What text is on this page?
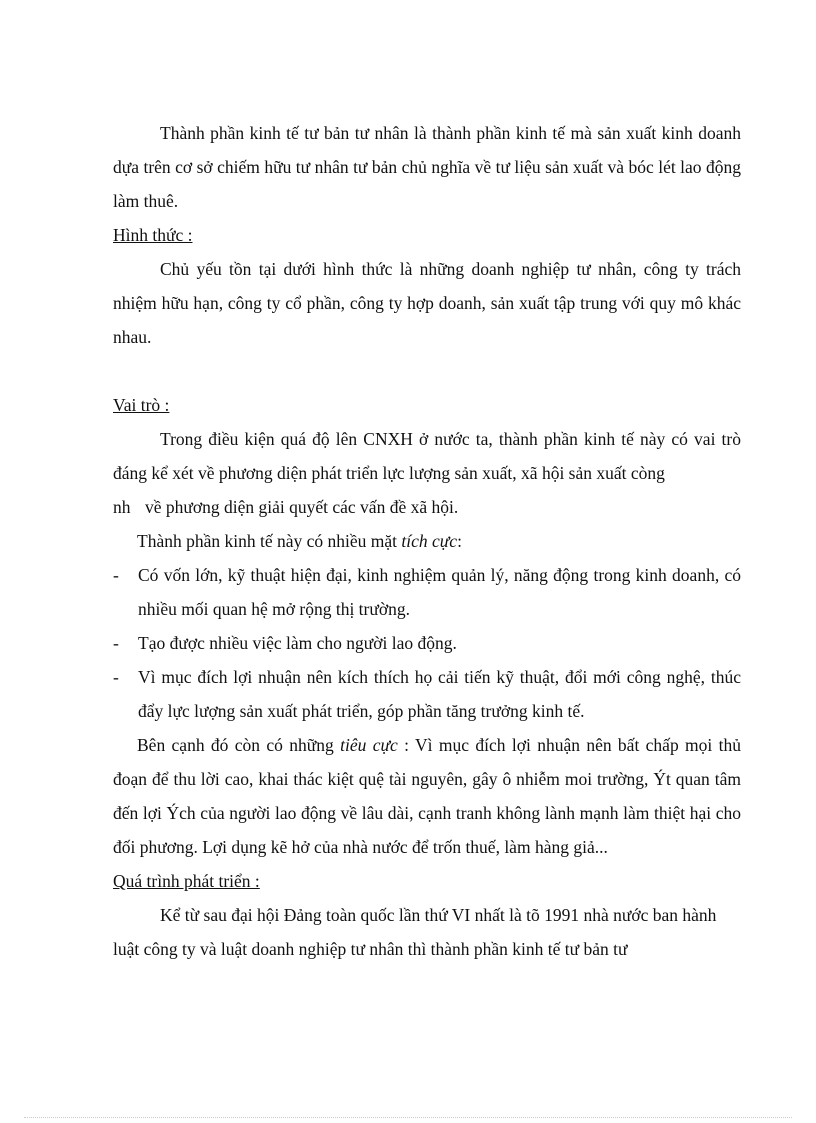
Thành phần kinh tế tư bản tư nhân là thành phần kinh tế mà sản xuất kinh doanh dựa trên cơ sở chiếm hữu tư nhân tư bản chủ nghĩa về tư liệu sản xuất và bóc lét lao động làm thuê.

Hình thức :

Chủ yếu tồn tại dưới hình thức là những doanh nghiệp tư nhân, công ty trách nhiệm hữu hạn, công ty cổ phần, công ty hợp doanh, sản xuất tập trung với quy mô khác nhau.

Vai trò :

Trong điều kiện quá độ lên CNXH ở nước ta, thành phần kinh tế này có vai trò đáng kể xét về phương diện phát triển lực lượng sản xuất, xã hội sản xuất còng

nh về phương diện giải quyết các vấn đề xã hội.

Thành phần kinh tế này có nhiều mặt tích cực:

- Có vốn lớn, kỹ thuật hiện đại, kinh nghiệm quản lý, năng động trong kinh doanh, có nhiều mối quan hệ mở rộng thị trường.
- Tạo được nhiều việc làm cho người lao động.
- Vì mục đích lợi nhuận nên kích thích họ cải tiến kỹ thuật, đổi mới công nghệ, thúc đẩy lực lượng sản xuất phát triển, góp phần tăng trưởng kinh tế.

Bên cạnh đó còn có những tiêu cực : Vì mục đích lợi nhuận nên bất chấp mọi thủ đoạn để thu lời cao, khai thác kiệt quệ tài nguyên, gây ô nhiễm moi trường, Ýt quan tâm đến lợi Ých của người lao động về lâu dài, cạnh tranh không lành mạnh làm thiệt hại cho đối phương. Lợi dụng kẽ hở của nhà nước để trốn thuế, làm hàng giả...

Quá trình phát triển :

Kể từ sau đại hội Đảng toàn quốc lần thứ VI nhất là tõ 1991 nhà nước ban hành luật công ty và luật doanh nghiệp tư nhân thì thành phần kinh tế tư bản tư
